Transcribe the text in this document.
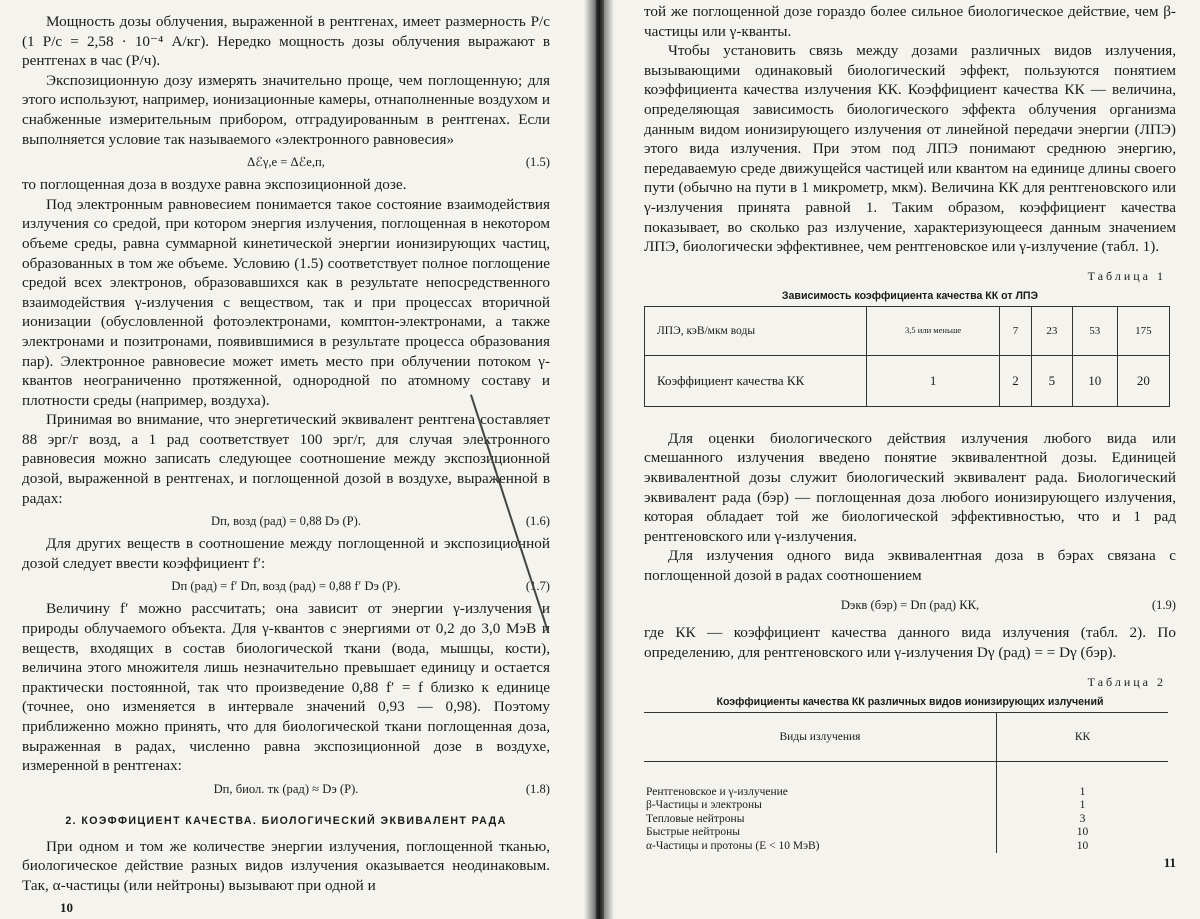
Мощность дозы облучения, выраженной в рентгенах, имеет размерность Р/с (1 Р/с = 2,58 · 10⁻⁴ А/кг). Нередко мощность дозы облучения выражают в рентгенах в час (Р/ч).

Экспозиционную дозу измерять значительно проще, чем поглощенную; для этого используют, например, ионизационные камеры, отнаполненные воздухом и снабженные измерительным прибором, отградуированным в рентгенах. Если выполняется условие так называемого «электронного равновесия»

Δℰγ,e = Δℰe,п,	(1.5)

то поглощенная доза в воздухе равна экспозиционной дозе.

Под электронным равновесием понимается такое состояние взаимодействия излучения со средой, при котором энергия излучения, поглощенная в некотором объеме среды, равна суммарной кинетической энергии ионизирующих частиц, образованных в том же объеме. Условию (1.5) соответствует полное поглощение средой всех электронов, образовавшихся как в результате непосредственного взаимодействия γ-излучения с веществом, так и при процессах вторичной ионизации (обусловленной фотоэлектронами, комптон-электронами, а также электронами и позитронами, появившимися в результате процесса образования пар). Электронное равновесие может иметь место при облучении потоком γ-квантов неограниченно протяженной, однородной по атомному составу и плотности среды (например, воздуха).

Принимая во внимание, что энергетический эквивалент рентгена составляет 88 эрг/г возд, а 1 рад соответствует 100 эрг/г, для случая электронного равновесия можно записать следующее соотношение между экспозиционной дозой, выраженной в рентгенах, и поглощенной дозой в воздухе, выраженной в радах:

Dп, возд (рад) = 0,88 Dэ (Р).	(1.6)

Для других веществ в соотношение между поглощенной и экспозиционной дозой следует ввести коэффициент f′:

Dп (рад) = f′ Dп, возд (рад) = 0,88 f′ Dэ (Р).	(1.7)

Величину f′ можно рассчитать; она зависит от энергии γ-излучения и природы облучаемого объекта. Для γ-квантов с энергиями от 0,2 до 3,0 МэВ и веществ, входящих в состав биологической ткани (вода, мышцы, кости), величина этого множителя лишь незначительно превышает единицу и остается практически постоянной, так что произведение 0,88 f′ = f близко к единице (точнее, оно изменяется в интервале значений 0,93 — 0,98). Поэтому приближенно можно принять, что для биологической ткани поглощенная доза, выраженная в радах, численно равна экспозиционной дозе в воздухе, измеренной в рентгенах:

Dп, биол. тк (рад) ≈ Dэ (Р).	(1.8)
2. КОЭФФИЦИЕНТ КАЧЕСТВА. БИОЛОГИЧЕСКИЙ ЭКВИВАЛЕНТ РАДА

При одном и том же количестве энергии излучения, поглощенной тканью, биологическое действие разных видов излучения оказывается неодинаковым. Так, α-частицы (или нейтроны) вызывают при одной и

10

той же поглощенной дозе гораздо более сильное биологическое действие, чем β-частицы или γ-кванты.

Чтобы установить связь между дозами различных видов излучения, вызывающими одинаковый биологический эффект, пользуются понятием коэффициента качества излучения КК. Коэффициент качества КК — величина, определяющая зависимость биологического эффекта облучения организма данным видом ионизирующего излучения от линейной передачи энергии (ЛПЭ) этого вида излучения. При этом под ЛПЭ понимают среднюю энергию, передаваемую среде движущейся частицей или квантом на единице длины своего пути (обычно на пути в 1 микрометр, мкм). Величина КК для рентгеновского или γ-излучения принята равной 1. Таким образом, коэффициент качества показывает, во сколько раз излучение, характеризующееся данным значением ЛПЭ, биологически эффективнее, чем рентгеновское или γ-излучение (табл. 1).

Таблица 1
Зависимость коэффициента качества КК от ЛПЭ
ЛПЭ, кэВ/мкм воды	3,5 или меньше	7	23	53	175
Коэффициент качества КК	1	2	5	10	20

Для оценки биологического действия излучения любого вида или смешанного излучения введено понятие эквивалентной дозы. Единицей эквивалентной дозы служит биологический эквивалент рада. Биологический эквивалент рада (бэр) — поглощенная доза любого ионизирующего излучения, которая обладает той же биологической эффективностью, что и 1 рад рентгеновского или γ-излучения.

Для излучения одного вида эквивалентная доза в бэрах связана с поглощенной дозой в радах соотношением

Dэкв (бэр) = Dп (рад) КК,	(1.9)

где КК — коэффициент качества данного вида излучения (табл. 2). По определению, для рентгеновского или γ-излучения Dγ (рад) = = Dγ (бэр).

Таблица 2
Коэффициенты качества КК различных видов ионизирующих излучений
Виды излучения	КК
Рентгеновское и γ-излучение	1
β-Частицы и электроны	1
Тепловые нейтроны	3
Быстрые нейтроны	10
α-Частицы и протоны (E < 10 МэВ)	10
11
